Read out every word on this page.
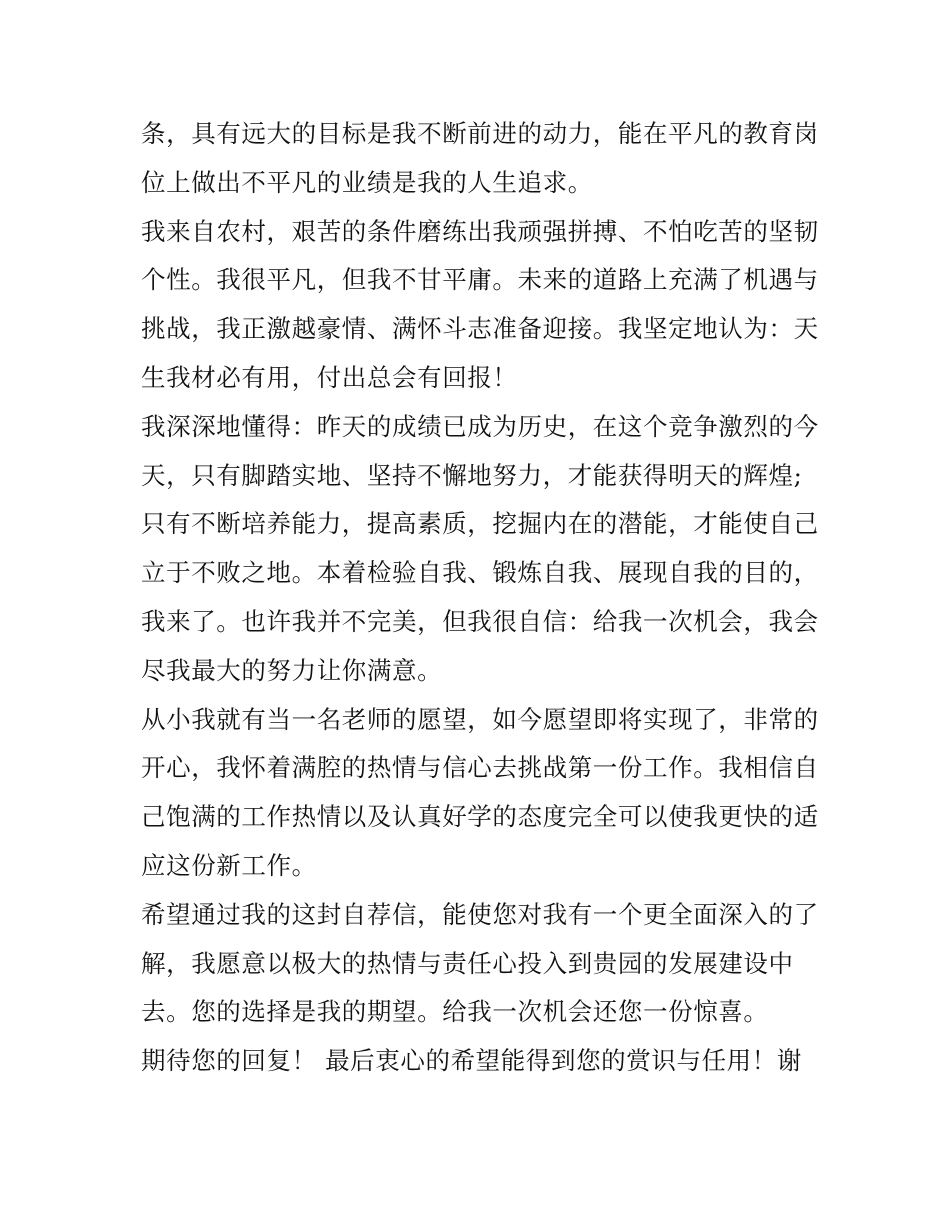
条，具有远大的目标是我不断前进的动力，能在平凡的教育岗
位上做出不平凡的业绩是我的人生追求。
我来自农村，艰苦的条件磨练出我顽强拼搏、不怕吃苦的坚韧
个性。我很平凡，但我不甘平庸。未来的道路上充满了机遇与
挑战，我正激越豪情、满怀斗志准备迎接。我坚定地认为：天
生我材必有用，付出总会有回报！
我深深地懂得：昨天的成绩已成为历史，在这个竞争激烈的今
天，只有脚踏实地、坚持不懈地努力，才能获得明天的辉煌;
只有不断培养能力，提高素质，挖掘内在的潜能，才能使自己
立于不败之地。本着检验自我、锻炼自我、展现自我的目的，
我来了。也许我并不完美，但我很自信：给我一次机会，我会
尽我最大的努力让你满意。
从小我就有当一名老师的愿望，如今愿望即将实现了，非常的
开心，我怀着满腔的热情与信心去挑战第一份工作。我相信自
己饱满的工作热情以及认真好学的态度完全可以使我更快的适
应这份新工作。
希望通过我的这封自荐信，能使您对我有一个更全面深入的了
解，我愿意以极大的热情与责任心投入到贵园的发展建设中
去。您的选择是我的期望。给我一次机会还您一份惊喜。
期待您的回复！ 最后衷心的希望能得到您的赏识与任用！谢
